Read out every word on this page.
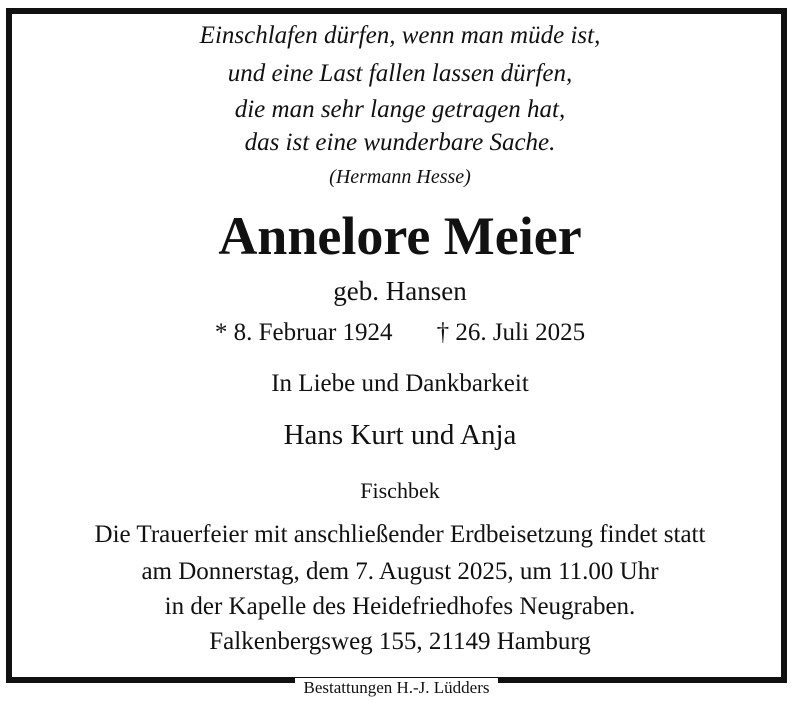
Einschlafen dürfen, wenn man müde ist,
und eine Last fallen lassen dürfen,
die man sehr lange getragen hat,
das ist eine wunderbare Sache.
(Hermann Hesse)
Annelore Meier
geb. Hansen
* 8. Februar 1924 † 26. Juli 2025
In Liebe und Dankbarkeit
Hans Kurt und Anja
Fischbek
Die Trauerfeier mit anschließender Erdbeisetzung findet statt
am Donnerstag, dem 7. August 2025, um 11.00 Uhr
in der Kapelle des Heidefriedhofes Neugraben.
Falkenbergsweg 155, 21149 Hamburg
Bestattungen H.-J. Lüdders
